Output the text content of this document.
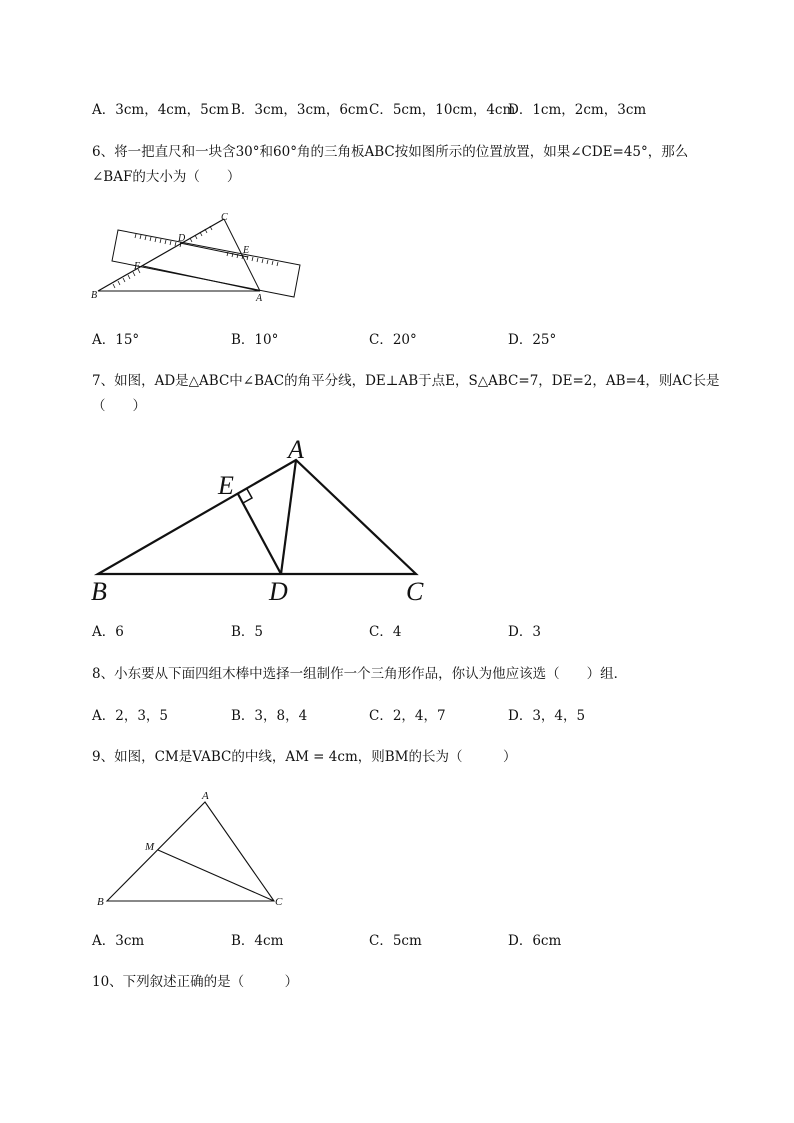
A．3cm，4cm，5cm B．3cm，3cm，6cm C．5cm，10cm，4cm
D．1cm，2cm，3cm
6、将一把直尺和一块含30°和60°角的三角板ABC按如图所示的位置放置，如果∠CDE=45°，那么
∠BAF的大小为（　　）
C
D
E
F
B	A
A．15°	B．10°	C．20°	D．25°
7、如图，AD是△ABC中∠BAC的角平分线，DE⊥AB于点E，S△ABC=7，DE=2，AB=4，则AC长是
（　　）
A
E
B	D	C
A．6	B．5	C．4	D．3
8、小东要从下面四组木棒中选择一组制作一个三角形作品，你认为他应该选（　　）组．
A．2，3，5	B．3，8，4	C．2，4，7	D．3，4，5
9、如图，CM是VABC的中线，AM = 4cm，则BM的长为（　　　）
A
M
B	C
A．3cm	B．4cm	C．5cm	D．6cm
10、下列叙述正确的是（　　　）
